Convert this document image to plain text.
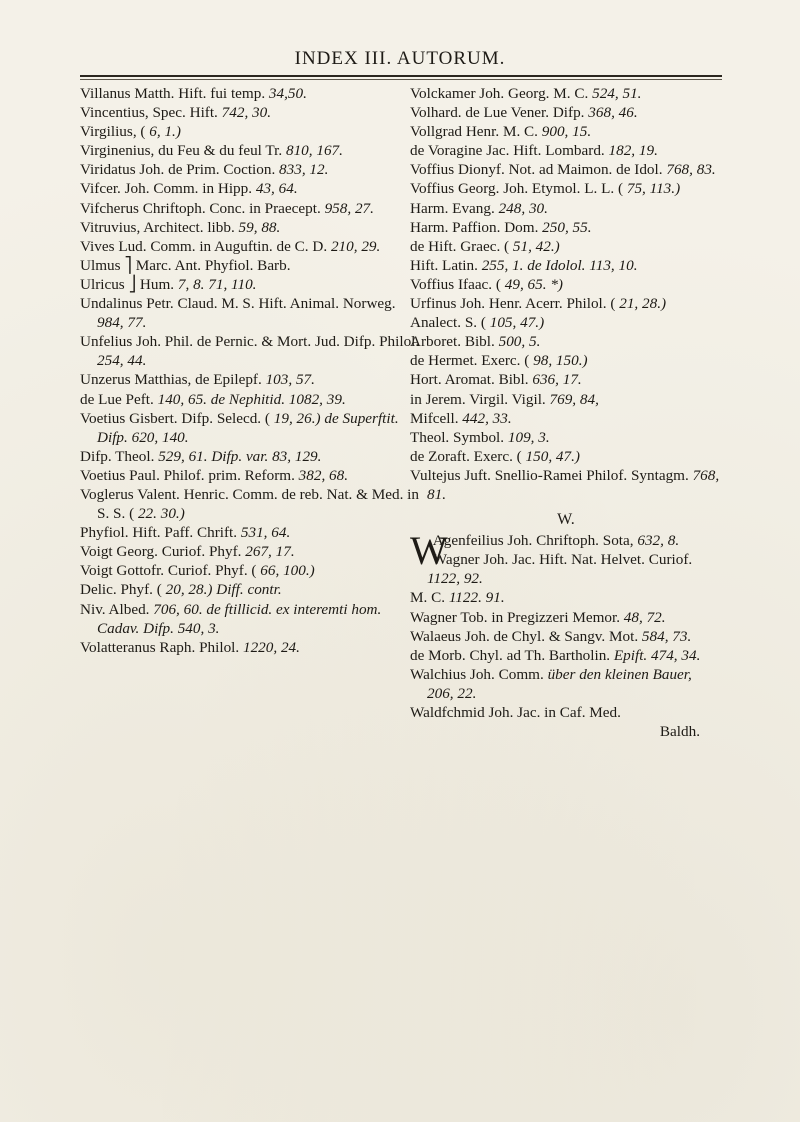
INDEX III. AUTORUM.

Villanus Matth. Hift. fui temp. 34,50.

Vincentius, Spec. Hift. 742, 30.

Virgilius, ( 6, 1.)

Virginenius, du Feu & du feul Tr. 810, 167.

Viridatus Joh. de Prim. Coction. 833, 12.

Vifcer. Joh. Comm. in Hipp. 43, 64.

Vifcherus Chriftoph. Conc. in Praecept. 958, 27.

Vitruvius, Architect. libb. 59, 88.

Vives Lud. Comm. in Auguftin. de C. D. 210, 29.

Ulmus ⎤ Marc. Ant. Phyfiol. Barb.

Ulricus ⎦ Hum. 7, 8. 71, 110.

Undalinus Petr. Claud. M. S. Hift. Animal. Norweg. 984, 77.

Unfelius Joh. Phil. de Pernic. & Mort. Jud. Difp. Philol. 254, 44.

Unzerus Matthias, de Epilepf. 103, 57.

de Lue Peft. 140, 65. de Nephitid. 1082, 39.

Voetius Gisbert. Difp. Selecd. ( 19, 26.) de Superftit. Difp. 620, 140.

Difp. Theol. 529, 61. Difp. var. 83, 129.

Voetius Paul. Philof. prim. Reform. 382, 68.

Voglerus Valent. Henric. Comm. de reb. Nat. & Med. in S. S. ( 22. 30.)

Phyfiol. Hift. Paff. Chrift. 531, 64.

Voigt Georg. Curiof. Phyf. 267, 17.

Voigt Gottofr. Curiof. Phyf. ( 66, 100.)

Delic. Phyf. ( 20, 28.) Diff. contr.

Niv. Albed. 706, 60. de ftillicid. ex interemti hom. Cadav. Difp. 540, 3.

Volatteranus Raph. Philol. 1220, 24.

Volckamer Joh. Georg. M. C. 524, 51.

Volhard. de Lue Vener. Difp. 368, 46.

Vollgrad Henr. M. C. 900, 15.

de Voragine Jac. Hift. Lombard. 182, 19.

Voffius Dionyf. Not. ad Maimon. de Idol. 768, 83.

Voffius Georg. Joh. Etymol. L. L. ( 75, 113.)

Harm. Evang. 248, 30.

Harm. Paffion. Dom. 250, 55.

de Hift. Graec. ( 51, 42.)

Hift. Latin. 255, 1. de Idolol. 113, 10.

Voffius Ifaac. ( 49, 65. *)

Urfinus Joh. Henr. Acerr. Philol. ( 21, 28.)

Analect. S. ( 105, 47.)

Arboret. Bibl. 500, 5.

de Hermet. Exerc. ( 98, 150.)

Hort. Aromat. Bibl. 636, 17.

in Jerem. Virgil. Vigil. 769, 84,

Mifcell. 442, 33.

Theol. Symbol. 109, 3.

de Zoraft. Exerc. ( 150, 47.)

Vultejus Juft. Snellio-Ramei Philof. Syntagm. 768, 81.

W.

W
Agenfeilius Joh. Chriftoph. Sota, 632, 8.

Wagner Joh. Jac. Hift. Nat. Helvet. Curiof. 1122, 92.

M. C. 1122. 91.

Wagner Tob. in Pregizzeri Memor. 48, 72.

Walaeus Joh. de Chyl. & Sangv. Mot. 584, 73.

de Morb. Chyl. ad Th. Bartholin. Epift. 474, 34.

Walchius Joh. Comm. über den kleinen Bauer, 206, 22.

Waldfchmid Joh. Jac. in Caf. Med.

Baldh.
